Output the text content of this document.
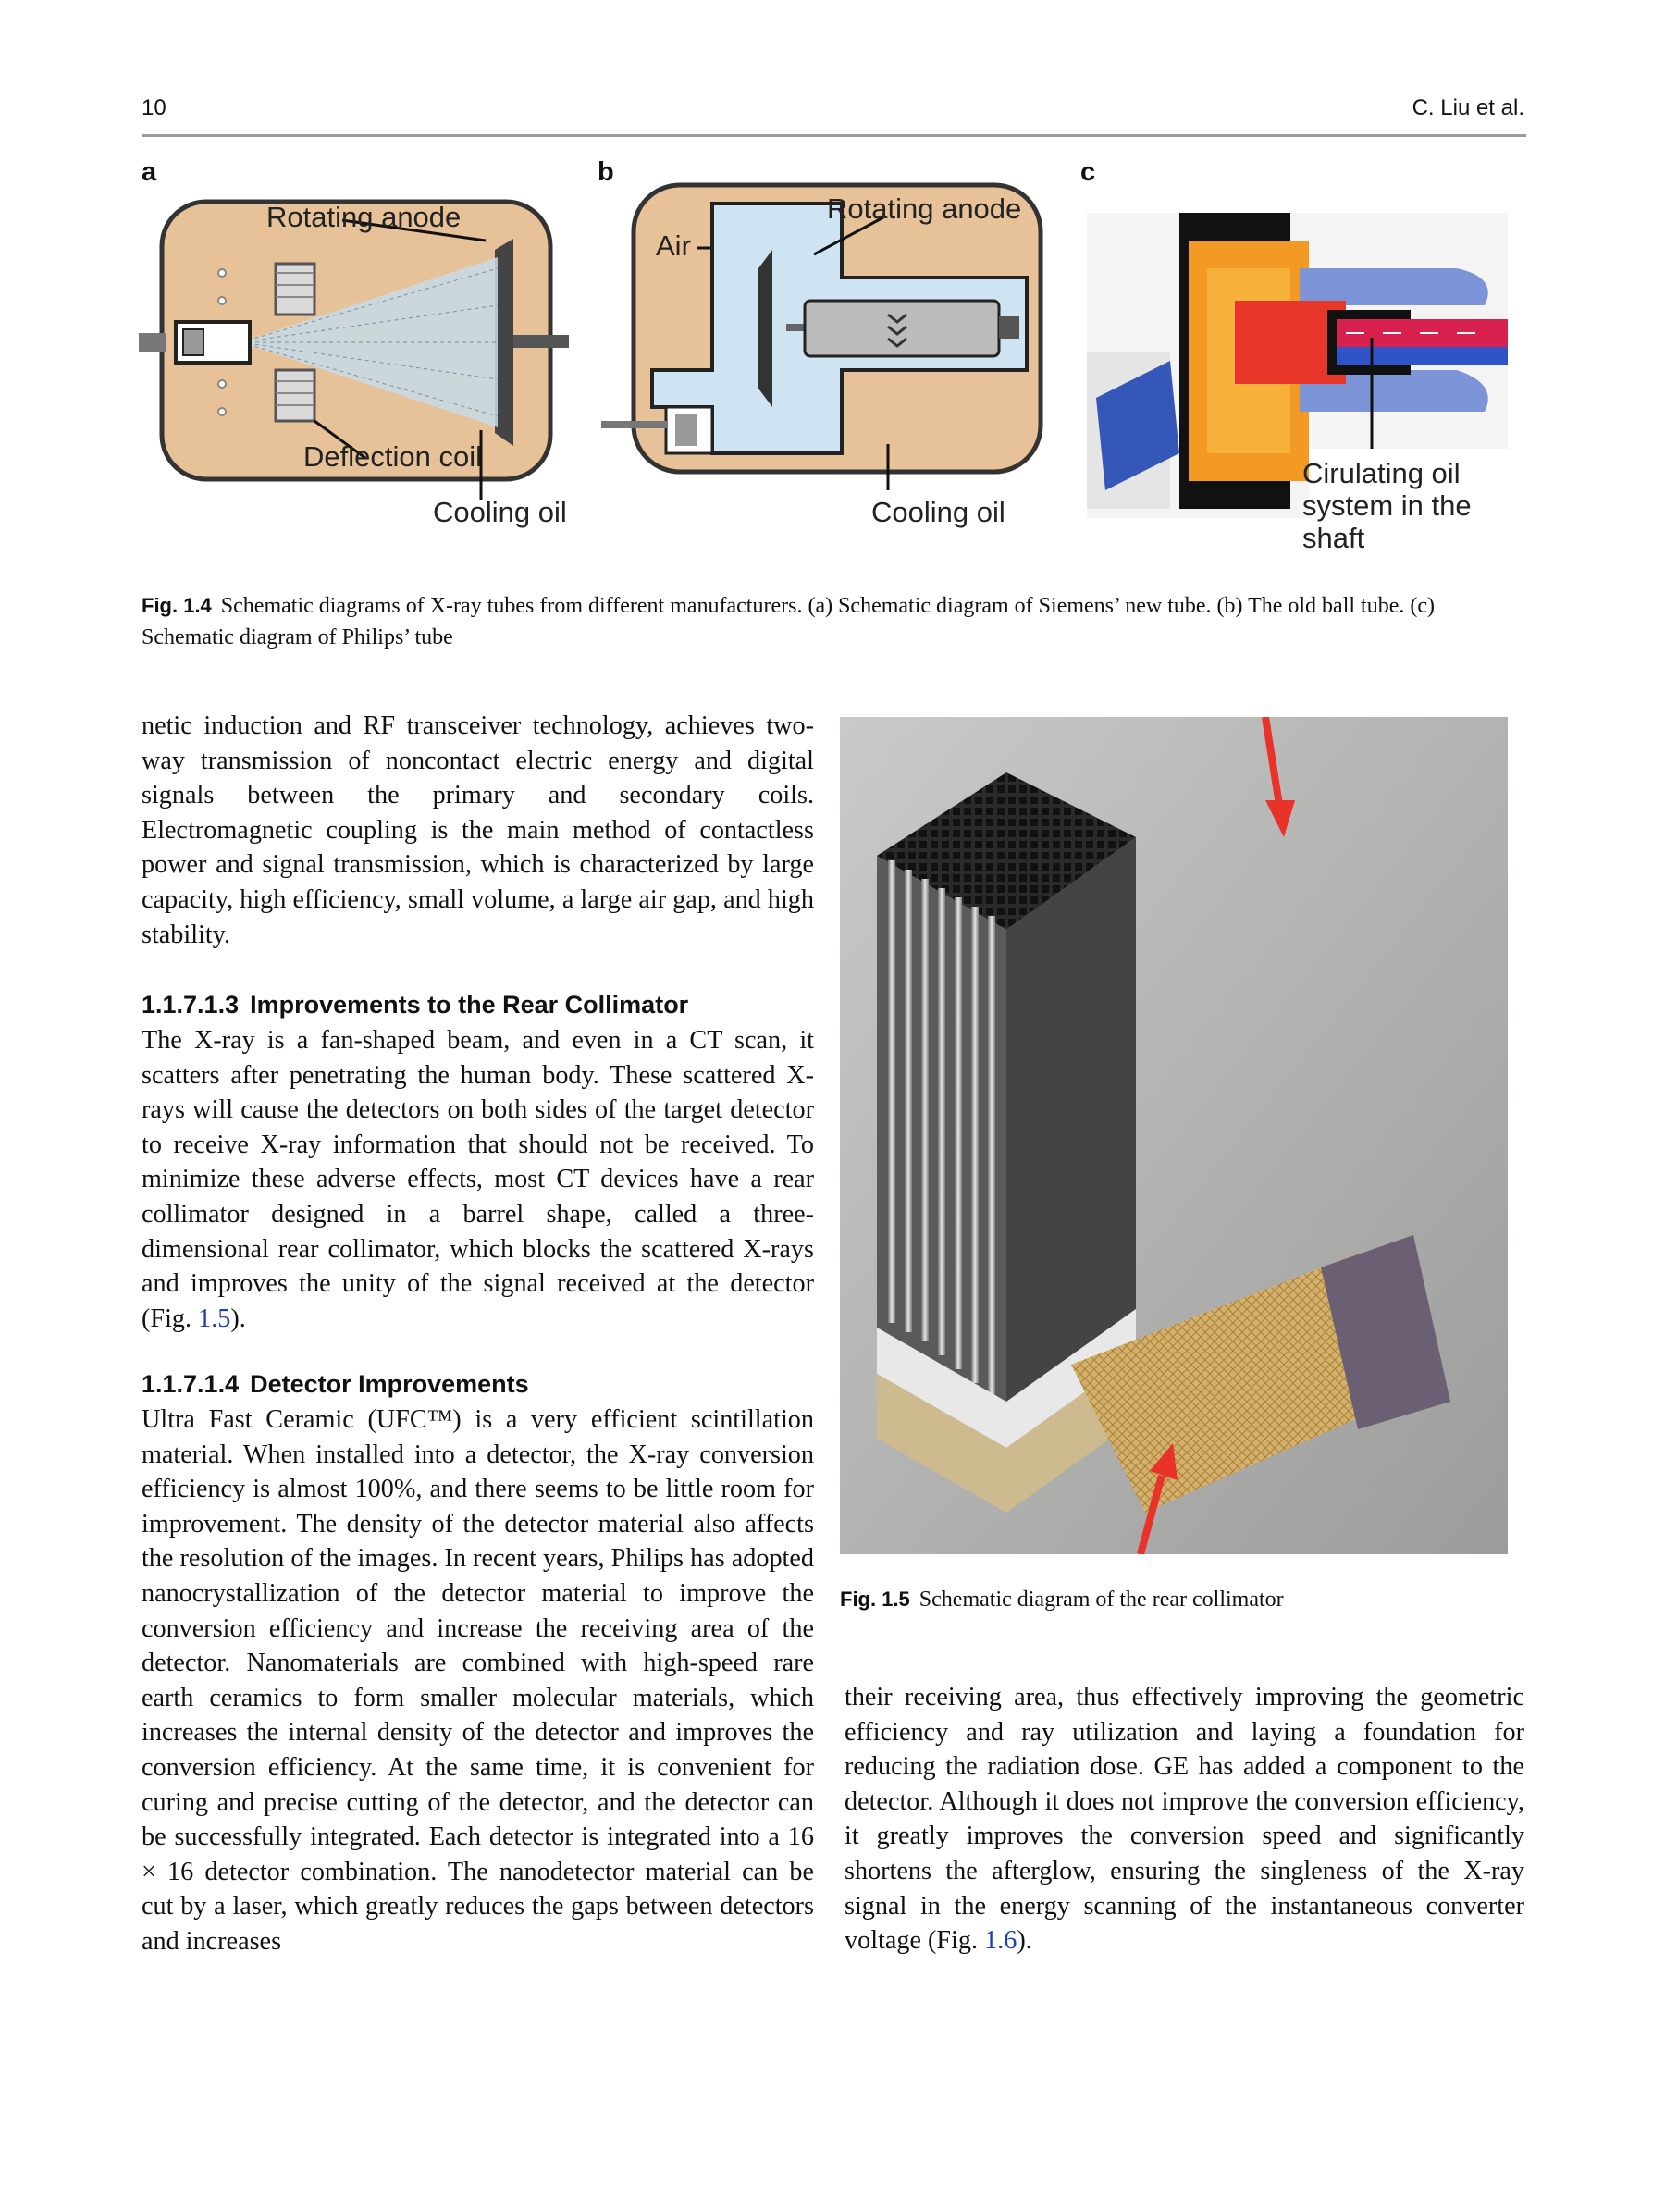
10	C. Liu et al.
a
Rotating anode
Deflection coil
Cooling oil
b
Air
Rotating anode
Cooling oil
c
Cirulating oil
system in the
shaft
Fig. 1.4 Schematic diagrams of X-ray tubes from different manufacturers. (a) Schematic diagram of Siemens’ new tube. (b) The old ball tube. (c) Schematic diagram of Philips’ tube

netic induction and RF transceiver technology, achieves two-way transmission of noncontact electric energy and digital signals between the primary and secondary coils. Electromagnetic coupling is the main method of contactless power and signal transmission, which is characterized by large capacity, high efficiency, small volume, a large air gap, and high stability.

1.1.7.1.3 Improvements to the Rear Collimator

The X-ray is a fan-shaped beam, and even in a CT scan, it scatters after penetrating the human body. These scattered X-rays will cause the detectors on both sides of the target detector to receive X-ray information that should not be received. To minimize these adverse effects, most CT devices have a rear collimator designed in a barrel shape, called a three-dimensional rear collimator, which blocks the scattered X-rays and improves the unity of the signal received at the detector (Fig. 1.5).

1.1.7.1.4 Detector Improvements

Ultra Fast Ceramic (UFC™) is a very efficient scintillation material. When installed into a detector, the X-ray conversion efficiency is almost 100%, and there seems to be little room for improvement. The density of the detector material also affects the resolution of the images. In recent years, Philips has adopted nanocrystallization of the detector material to improve the conversion efficiency and increase the receiving area of the detector. Nanomaterials are combined with high-speed rare earth ceramics to form smaller molecular materials, which increases the internal density of the detector and improves the conversion efficiency. At the same time, it is convenient for curing and precise cutting of the detector, and the detector can be successfully integrated. Each detector is integrated into a 16 × 16 detector combination. The nanodetector material can be cut by a laser, which greatly reduces the gaps between detectors and increases

Fig. 1.5 Schematic diagram of the rear collimator

their receiving area, thus effectively improving the geometric efficiency and ray utilization and laying a foundation for reducing the radiation dose. GE has added a component to the detector. Although it does not improve the conversion efficiency, it greatly improves the conversion speed and significantly shortens the afterglow, ensuring the singleness of the X-ray signal in the energy scanning of the instantaneous converter voltage (Fig. 1.6).
